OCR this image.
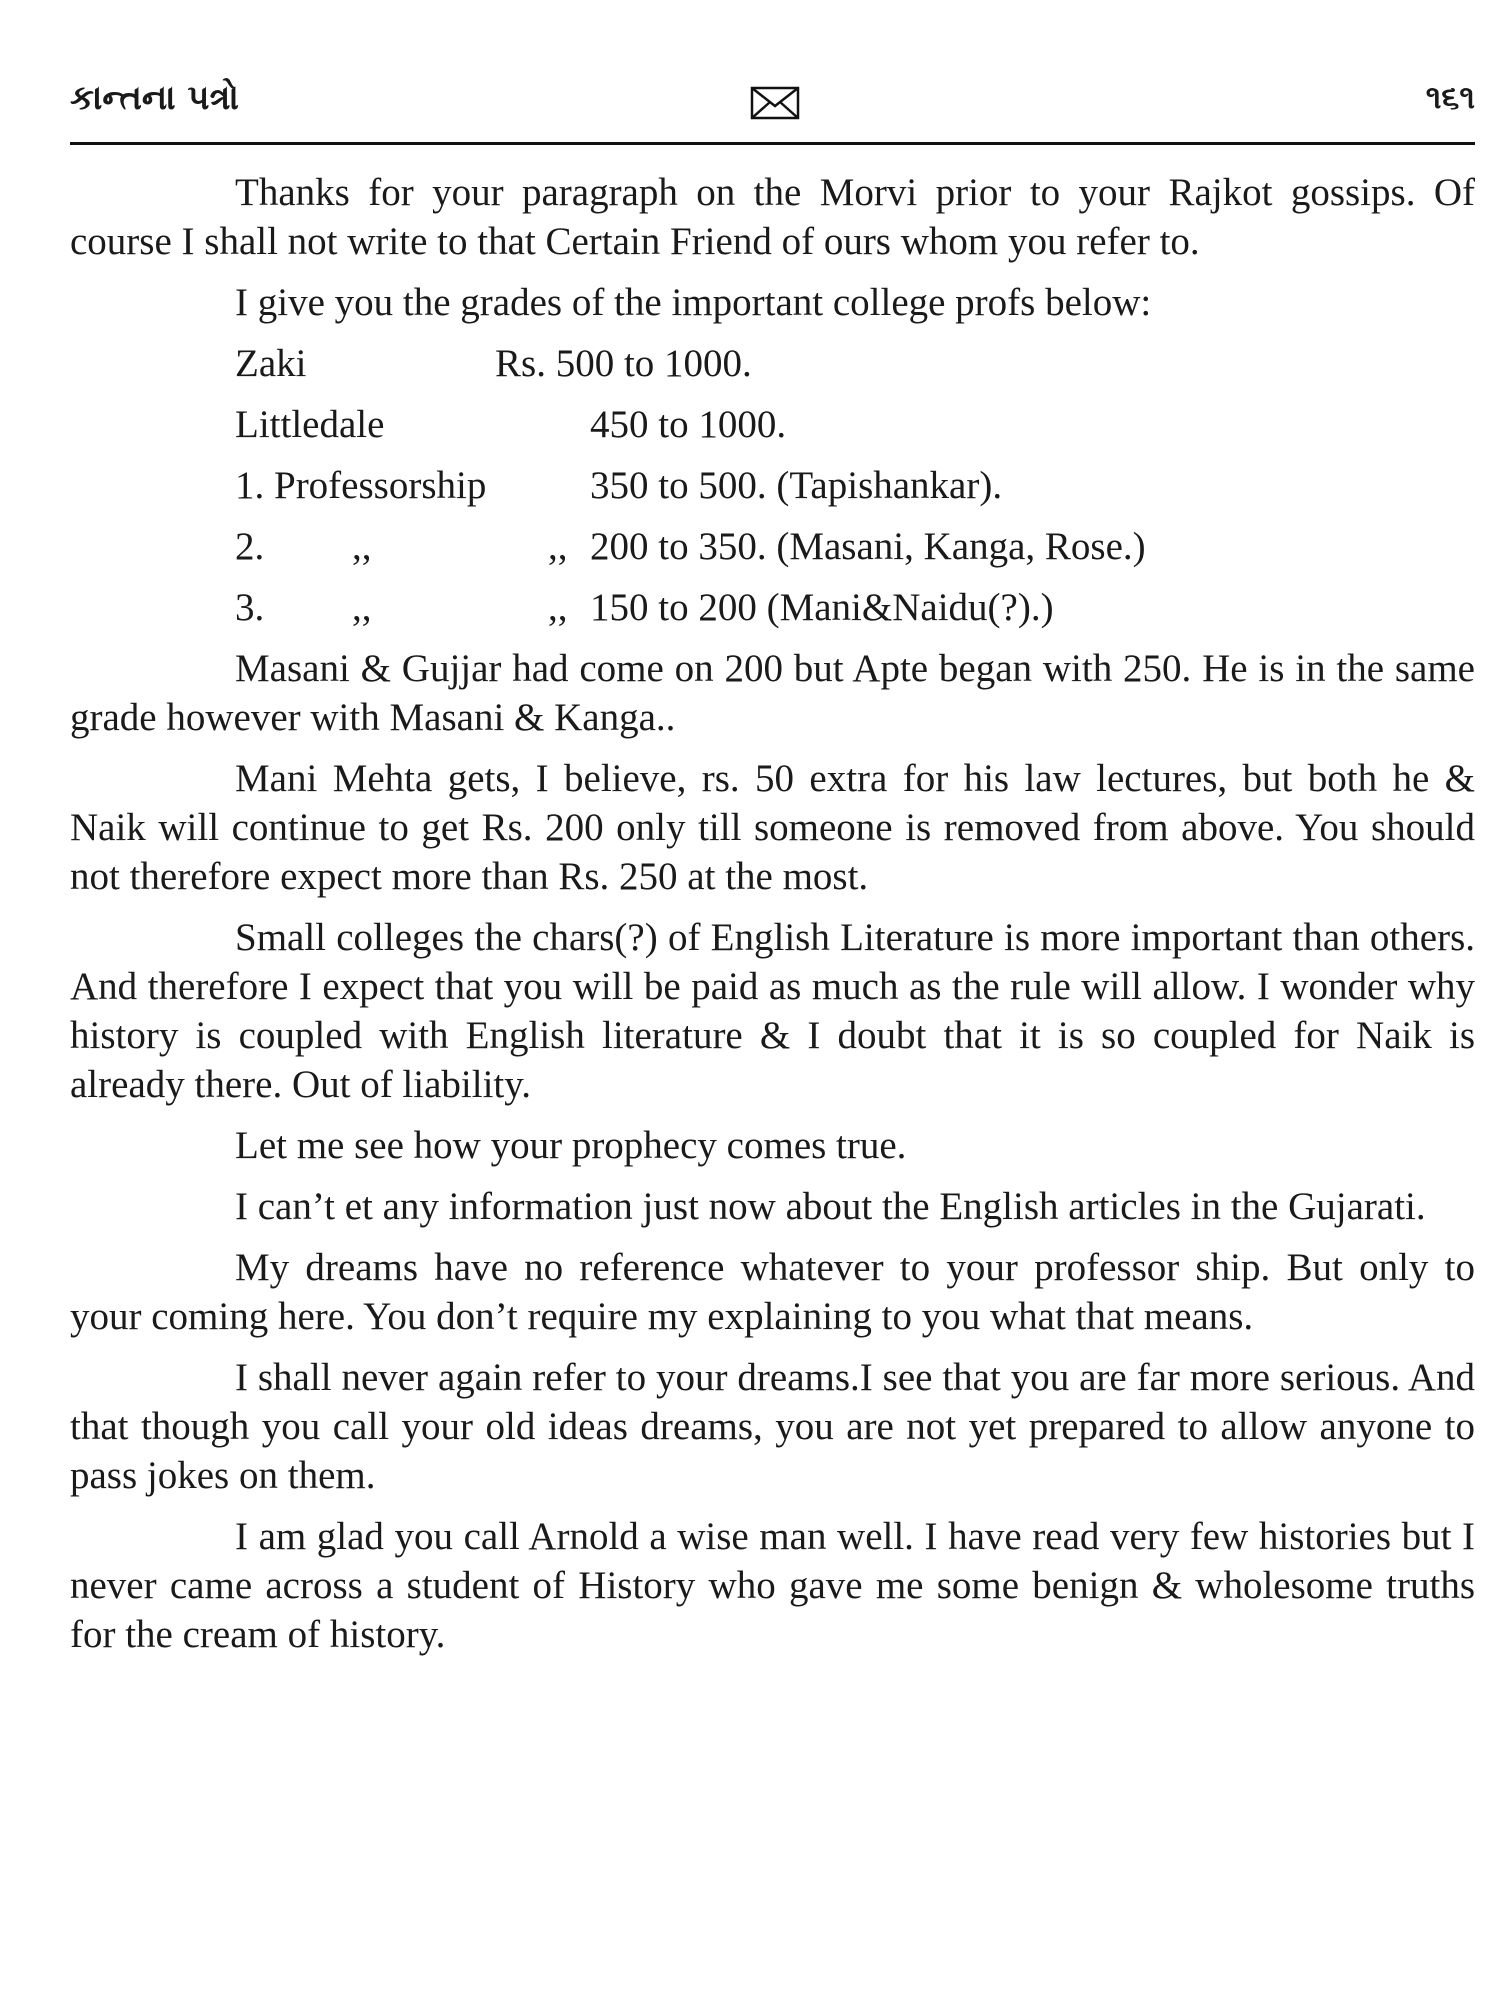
કાન્તના પત્રો	૧૬૧

Thanks for your paragraph on the Morvi prior to your Rajkot gossips. Of course I shall not write to that Certain Friend of ours whom you refer to.

I give you the grades of the important college profs below:

Zaki	Rs. 500 to 1000.
Littledale	450 to 1000.
1. Professorship	350 to 500. (Tapishankar).
2. ,,	,, 200 to 350. (Masani, Kanga, Rose.)
3. ,,	,, 150 to 200 (Mani&Naidu(?).)

Masani & Gujjar had come on 200 but Apte began with 250. He is in the same grade however with Masani & Kanga..

Mani Mehta gets, I believe, rs. 50 extra for his law lectures, but both he & Naik will continue to get Rs. 200 only till someone is removed from above. You should not therefore expect more than Rs. 250 at the most.

Small colleges the chars(?) of English Literature is more important than others. And therefore I expect that you will be paid as much as the rule will allow. I wonder why history is coupled with English literature & I doubt that it is so coupled for Naik is already there. Out of liability.

Let me see how your prophecy comes true.

I can’t et any information just now about the English articles in the Gujarati.

My dreams have no reference whatever to your professor ship. But only to your coming here. You don’t require my explaining to you what that means.

I shall never again refer to your dreams.I see that you are far more serious. And that though you call your old ideas dreams, you are not yet prepared to allow anyone to pass jokes on them.

I am glad you call Arnold a wise man well. I have read very few histories but I never came across a student of History who gave me some benign & wholesome truths for the cream of history.
